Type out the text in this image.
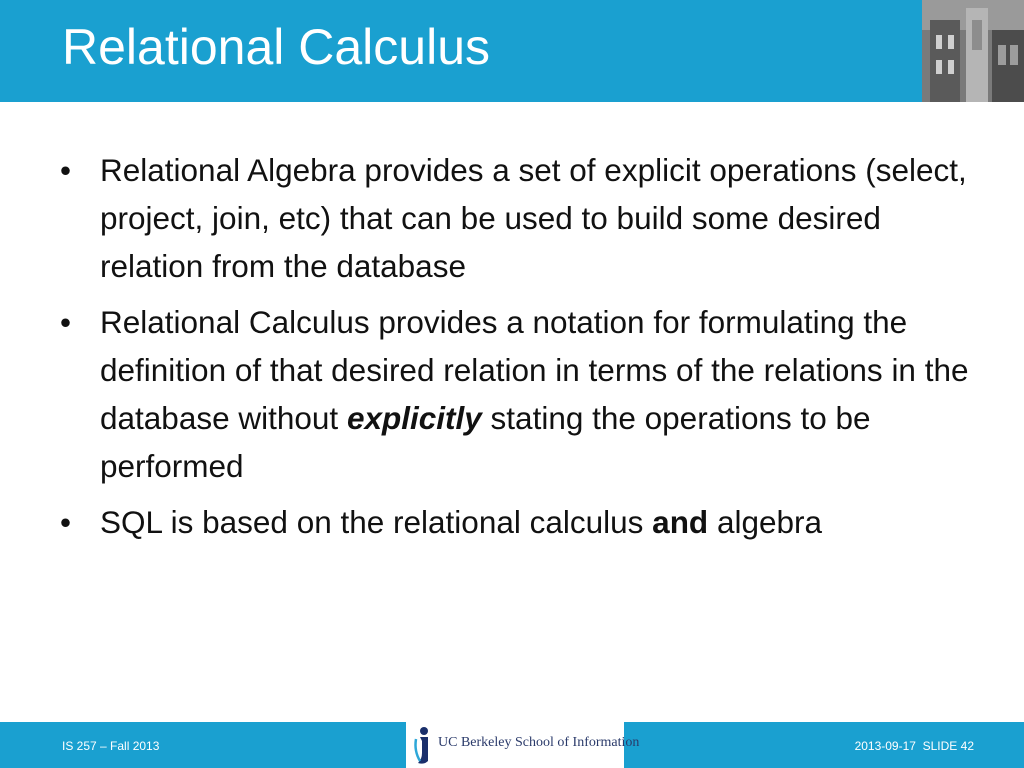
Relational Calculus
• Relational Algebra provides a set of explicit operations (select, project, join, etc) that can be used to build some desired relation from the database
• Relational Calculus provides a notation for formulating the definition of that desired relation in terms of the relations in the database without explicitly stating the operations to be performed
• SQL is based on the relational calculus and algebra
IS 257 – Fall 2013	UC Berkeley School of Information	2013-09-17 SLIDE 42
